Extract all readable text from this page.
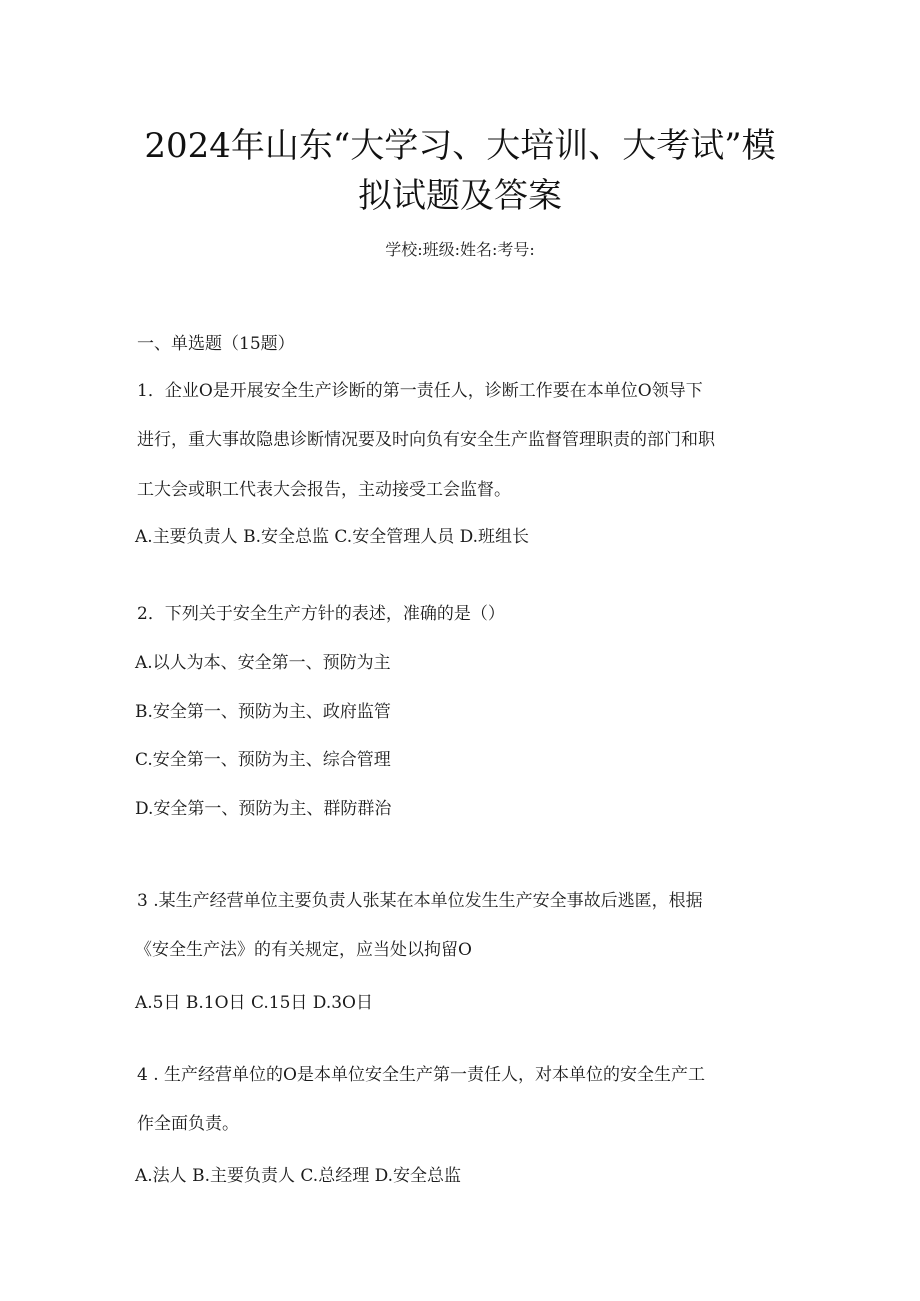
2024年山东“大学习、大培训、大考试”模
拟试题及答案
学校:班级:姓名:考号:
一、单选题（15题）
1．企业O是开展安全生产诊断的第一责任人，诊断工作要在本单位O领导下
进行，重大事故隐患诊断情况要及时向负有安全生产监督管理职责的部门和职
工大会或职工代表大会报告，主动接受工会监督。
A.主要负责人 B.安全总监 C.安全管理人员 D.班组长
2．下列关于安全生产方针的表述，准确的是（）
A.以人为本、安全第一、预防为主
B.安全第一、预防为主、政府监管
C.安全第一、预防为主、综合管理
D.安全第一、预防为主、群防群治
3 .某生产经营单位主要负责人张某在本单位发生生产安全事故后逃匿，根据
《安全生产法》的有关规定，应当处以拘留O
A.5日 B.1O日 C.15日 D.3O日
4 . 生产经营单位的O是本单位安全生产第一责任人，对本单位的安全生产工
作全面负责。
A.法人 B.主要负责人 C.总经理 D.安全总监
